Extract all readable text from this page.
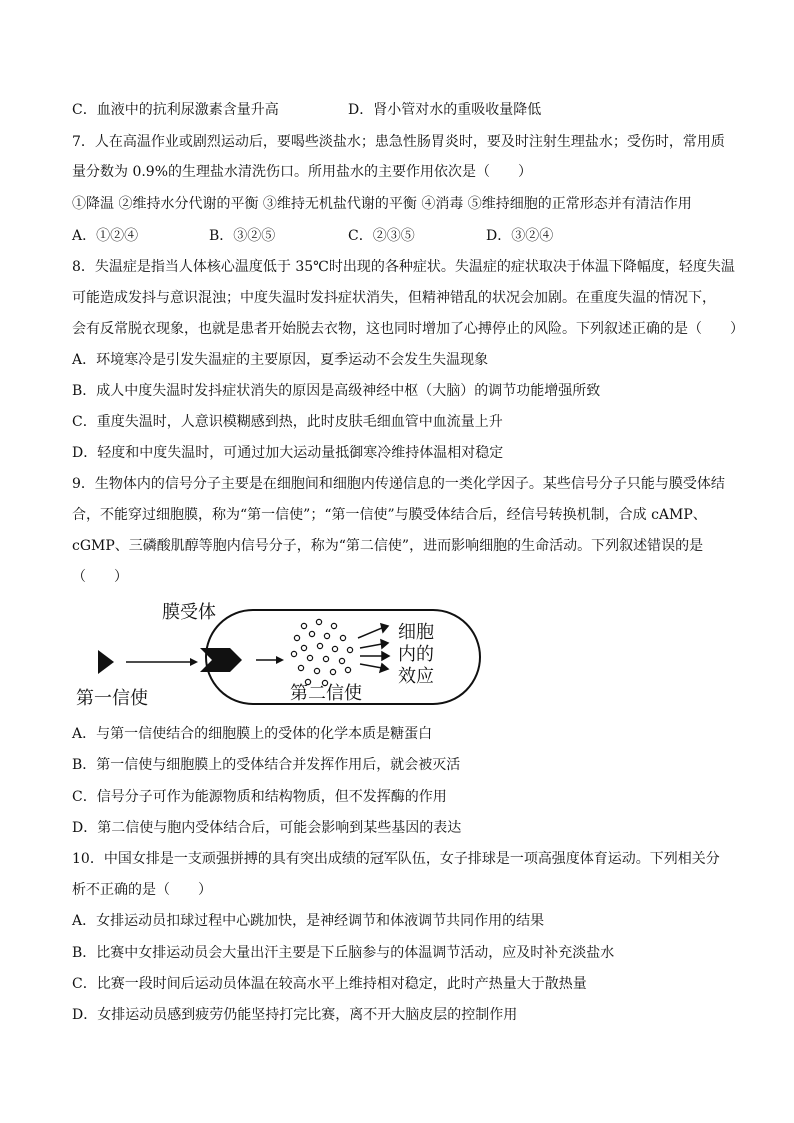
C．血液中的抗利尿激素含量升高	D．肾小管对水的重吸收量降低
7．人在高温作业或剧烈运动后，要喝些淡盐水；患急性肠胃炎时，要及时注射生理盐水；受伤时，常用质
量分数为 0.9%的生理盐水清洗伤口。所用盐水的主要作用依次是（　　）
①降温 ②维持水分代谢的平衡 ③维持无机盐代谢的平衡 ④消毒 ⑤维持细胞的正常形态并有清洁作用
A．①②④	B．③②⑤	C．②③⑤	D．③②④
8．失温症是指当人体核心温度低于 35℃时出现的各种症状。失温症的症状取决于体温下降幅度，轻度失温
可能造成发抖与意识混浊；中度失温时发抖症状消失，但精神错乱的状况会加剧。在重度失温的情况下，
会有反常脱衣现象，也就是患者开始脱去衣物，这也同时增加了心搏停止的风险。下列叙述正确的是（　　）
A．环境寒冷是引发失温症的主要原因，夏季运动不会发生失温现象
B．成人中度失温时发抖症状消失的原因是高级神经中枢（大脑）的调节功能增强所致
C．重度失温时，人意识模糊感到热，此时皮肤毛细血管中血流量上升
D．轻度和中度失温时，可通过加大运动量抵御寒冷维持体温相对稳定
9．生物体内的信号分子主要是在细胞间和细胞内传递信息的一类化学因子。某些信号分子只能与膜受体结
合，不能穿过细胞膜，称为“第一信使”；“第一信使”与膜受体结合后，经信号转换机制，合成 cAMP、
cGMP、三磷酸肌醇等胞内信号分子，称为“第二信使”，进而影响细胞的生命活动。下列叙述错误的是
（　　）
膜受体
第一信使	第二信使
细胞
内的
效应
A．与第一信使结合的细胞膜上的受体的化学本质是糖蛋白
B．第一信使与细胞膜上的受体结合并发挥作用后，就会被灭活
C．信号分子可作为能源物质和结构物质，但不发挥酶的作用
D．第二信使与胞内受体结合后，可能会影响到某些基因的表达
10．中国女排是一支顽强拼搏的具有突出成绩的冠军队伍，女子排球是一项高强度体育运动。下列相关分
析不正确的是（　　）
A．女排运动员扣球过程中心跳加快，是神经调节和体液调节共同作用的结果
B．比赛中女排运动员会大量出汗主要是下丘脑参与的体温调节活动，应及时补充淡盐水
C．比赛一段时间后运动员体温在较高水平上维持相对稳定，此时产热量大于散热量
D．女排运动员感到疲劳仍能坚持打完比赛，离不开大脑皮层的控制作用
